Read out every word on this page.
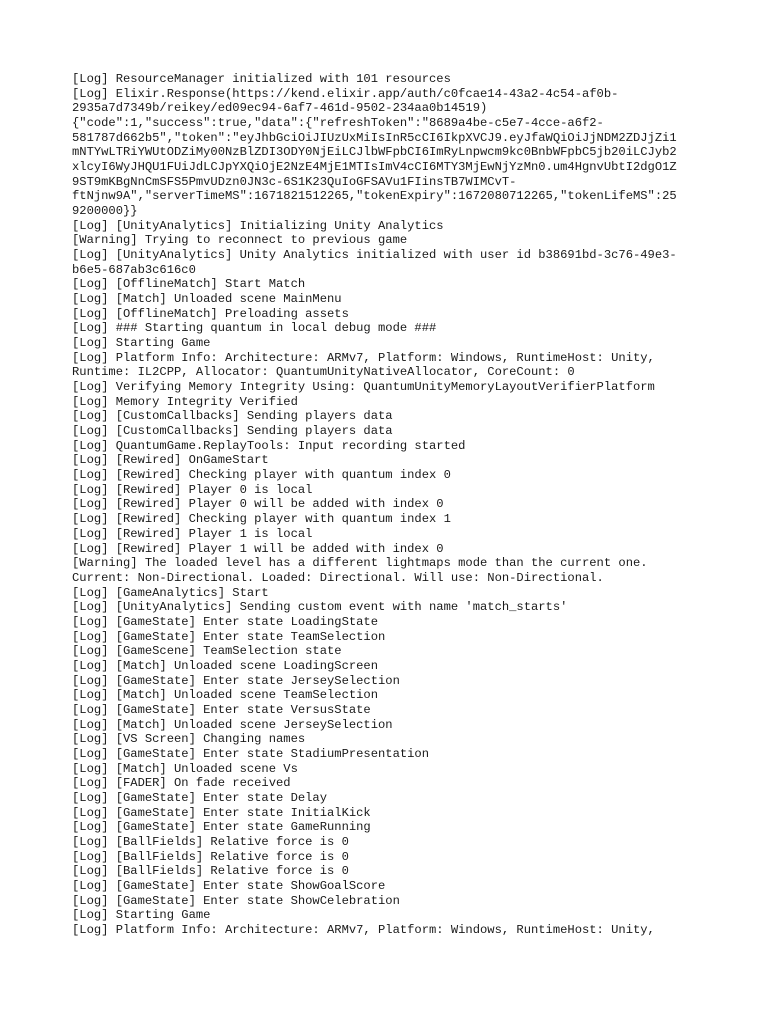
[Log] ResourceManager initialized with 101 resources
[Log] Elixir.Response(https://kend.elixir.app/auth/c0fcae14-43a2-4c54-af0b-
2935a7d7349b/reikey/ed09ec94-6af7-461d-9502-234aa0b14519)
{"code":1,"success":true,"data":{"refreshToken":"8689a4be-c5e7-4cce-a6f2-
581787d662b5","token":"eyJhbGciOiJIUzUxMiIsInR5cCI6IkpXVCJ9.eyJfaWQiOiJjNDM2ZDJjZi1
mNTYwLTRiYWUtODZiMy00NzBlZDI3ODY0NjEiLCJlbWFpbCI6ImRyLnpwcm9kc0BnbWFpbC5jb20iLCJyb2
xlcyI6WyJHQU1FUiJdLCJpYXQiOjE2NzE4MjE1MTIsImV4cCI6MTY3MjEwNjYzMn0.um4HgnvUbtI2dgO1Z
9ST9mKBgNnCmSFS5PmvUDzn0JN3c-6S1K23QuIoGFSAVu1FIinsTB7WIMCvT-
ftNjnw9A","serverTimeMS":1671821512265,"tokenExpiry":1672080712265,"tokenLifeMS":25
9200000}}
[Log] [UnityAnalytics] Initializing Unity Analytics
[Warning] Trying to reconnect to previous game
[Log] [UnityAnalytics] Unity Analytics initialized with user id b38691bd-3c76-49e3-
b6e5-687ab3c616c0
[Log] [OfflineMatch] Start Match
[Log] [Match] Unloaded scene MainMenu
[Log] [OfflineMatch] Preloading assets
[Log] ### Starting quantum in local debug mode ###
[Log] Starting Game
[Log] Platform Info: Architecture: ARMv7, Platform: Windows, RuntimeHost: Unity,
Runtime: IL2CPP, Allocator: QuantumUnityNativeAllocator, CoreCount: 0
[Log] Verifying Memory Integrity Using: QuantumUnityMemoryLayoutVerifierPlatform
[Log] Memory Integrity Verified
[Log] [CustomCallbacks] Sending players data
[Log] [CustomCallbacks] Sending players data
[Log] QuantumGame.ReplayTools: Input recording started
[Log] [Rewired] OnGameStart
[Log] [Rewired] Checking player with quantum index 0
[Log] [Rewired] Player 0 is local
[Log] [Rewired] Player 0 will be added with index 0
[Log] [Rewired] Checking player with quantum index 1
[Log] [Rewired] Player 1 is local
[Log] [Rewired] Player 1 will be added with index 0
[Warning] The loaded level has a different lightmaps mode than the current one.
Current: Non-Directional. Loaded: Directional. Will use: Non-Directional.
[Log] [GameAnalytics] Start
[Log] [UnityAnalytics] Sending custom event with name 'match_starts'
[Log] [GameState] Enter state LoadingState
[Log] [GameState] Enter state TeamSelection
[Log] [GameScene] TeamSelection state
[Log] [Match] Unloaded scene LoadingScreen
[Log] [GameState] Enter state JerseySelection
[Log] [Match] Unloaded scene TeamSelection
[Log] [GameState] Enter state VersusState
[Log] [Match] Unloaded scene JerseySelection
[Log] [VS Screen] Changing names
[Log] [GameState] Enter state StadiumPresentation
[Log] [Match] Unloaded scene Vs
[Log] [FADER] On fade received
[Log] [GameState] Enter state Delay
[Log] [GameState] Enter state InitialKick
[Log] [GameState] Enter state GameRunning
[Log] [BallFields] Relative force is 0
[Log] [BallFields] Relative force is 0
[Log] [BallFields] Relative force is 0
[Log] [GameState] Enter state ShowGoalScore
[Log] [GameState] Enter state ShowCelebration
[Log] Starting Game
[Log] Platform Info: Architecture: ARMv7, Platform: Windows, RuntimeHost: Unity,
